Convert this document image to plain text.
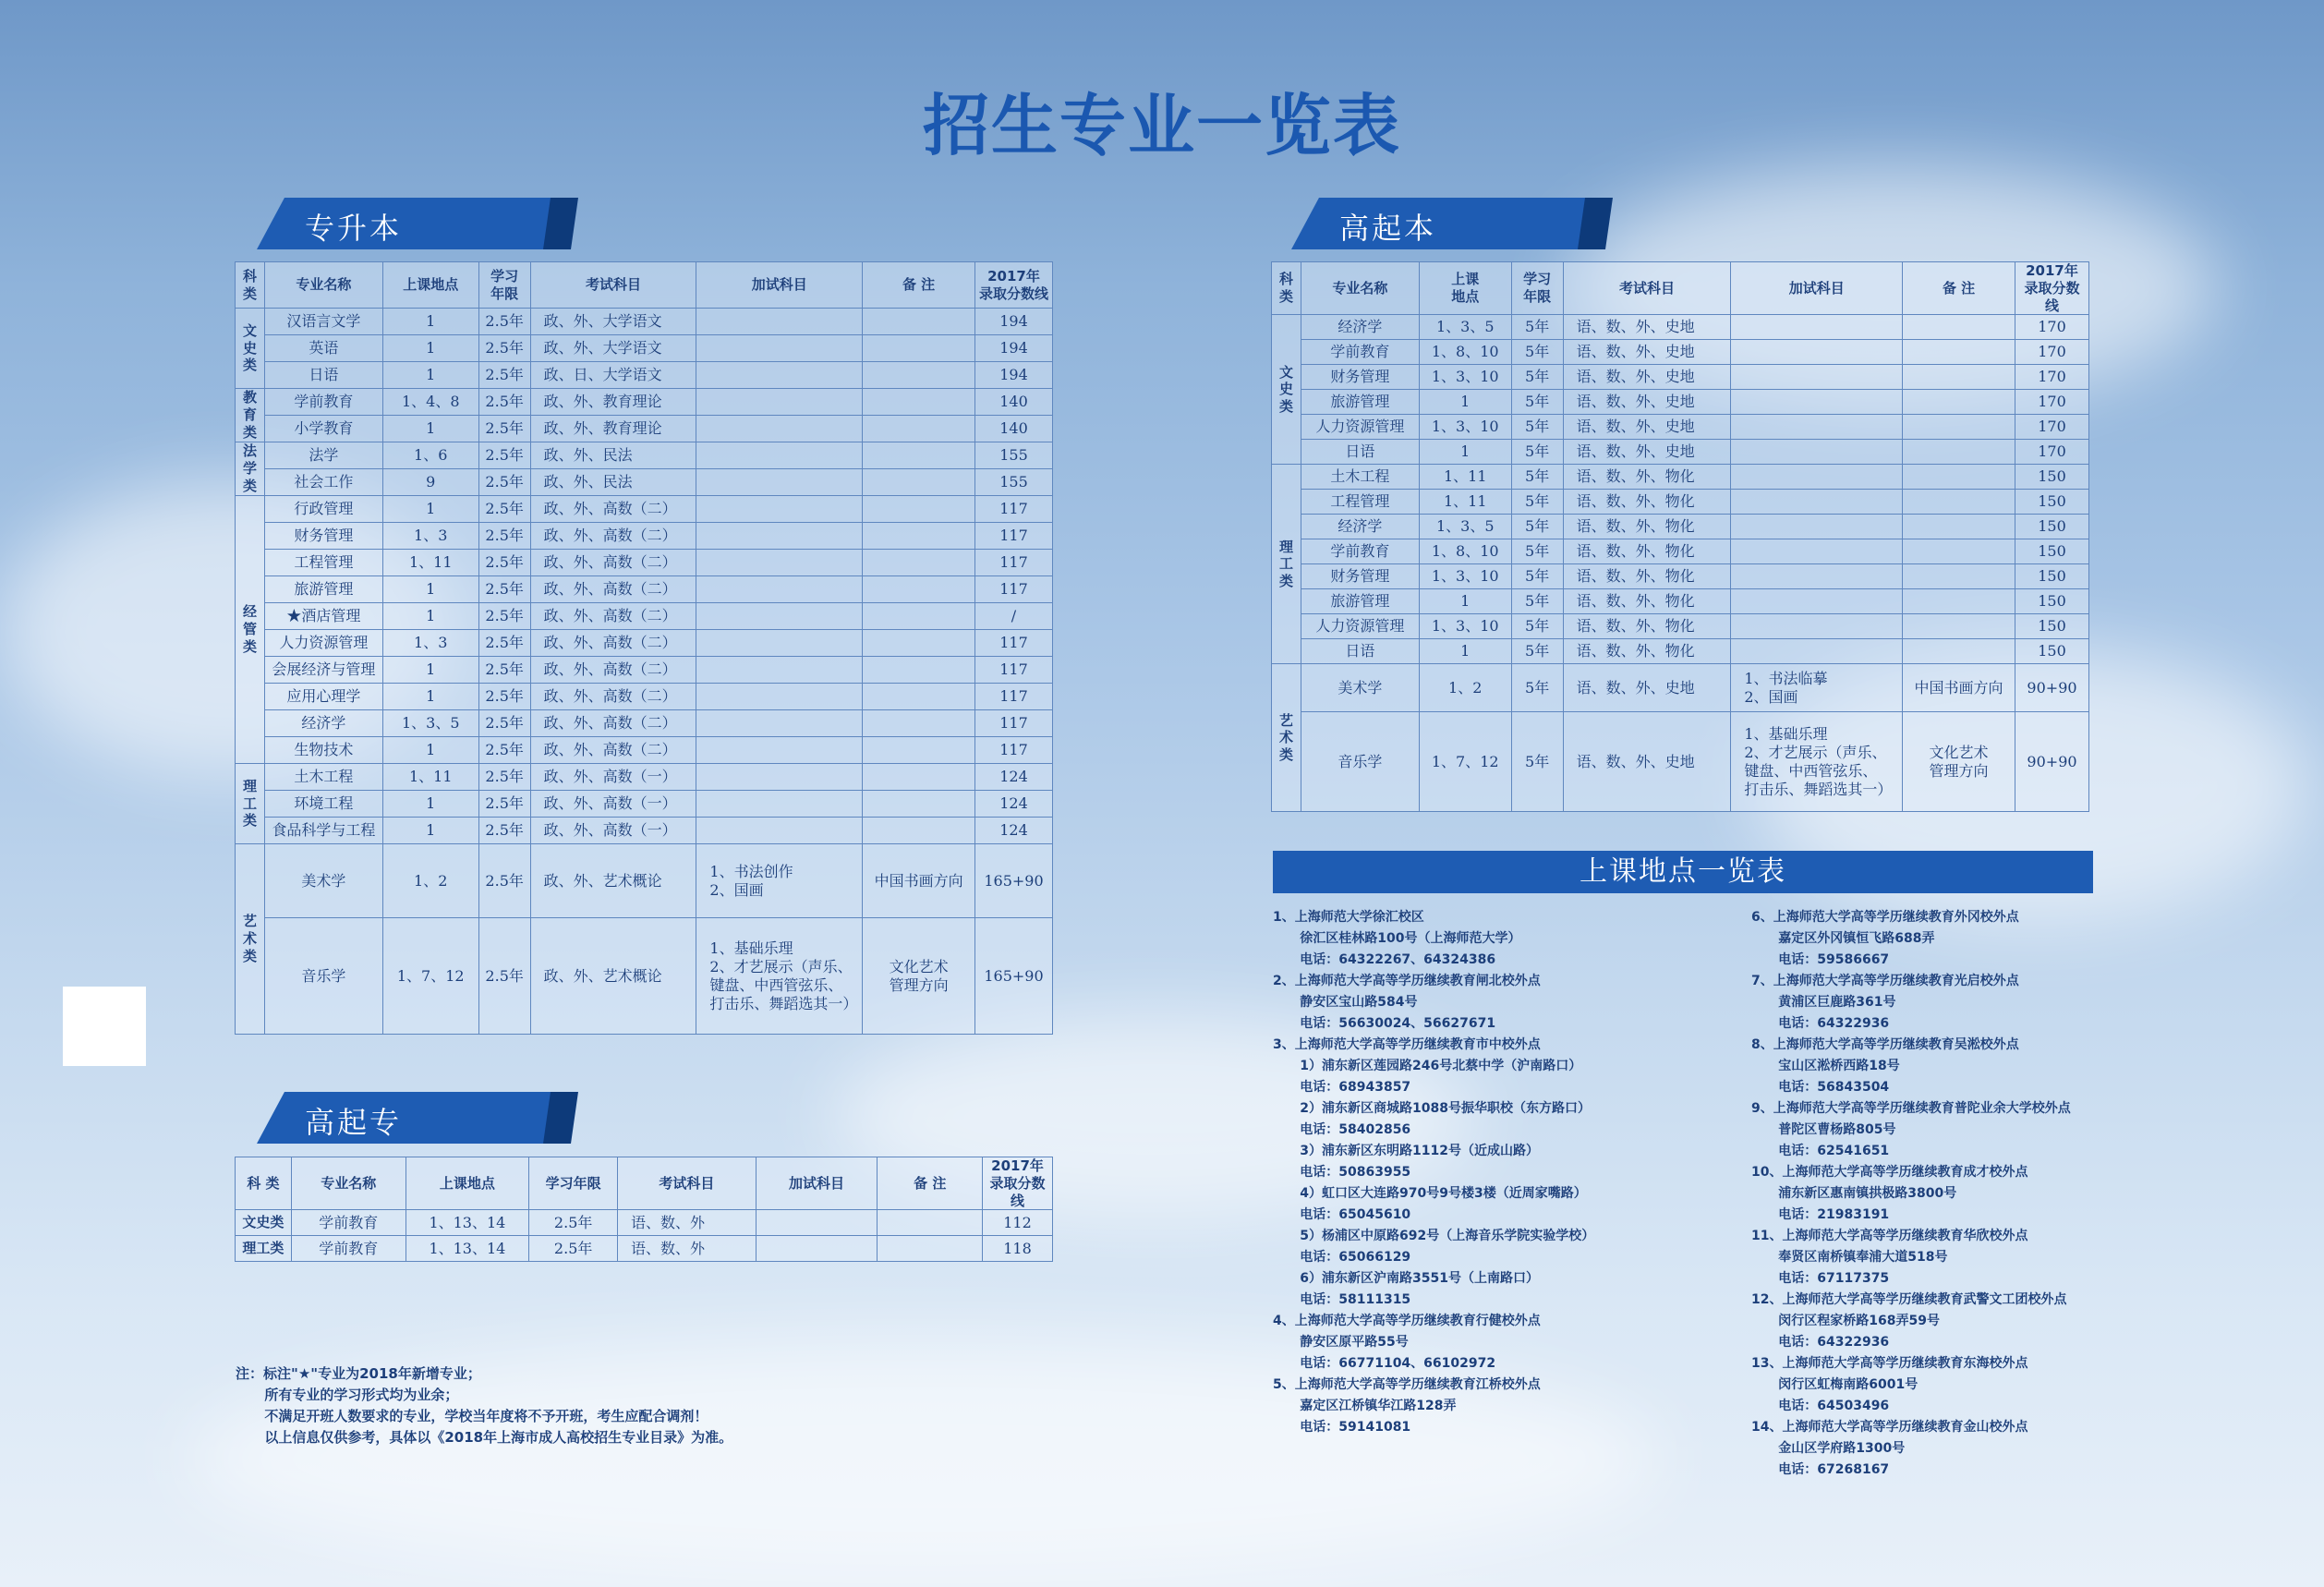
招生专业一览表
专升本
科 类	专业名称	上课地点	学习
年限	考试科目	加试科目	备 注	2017年
录取分数线
文
史
类	汉语言文学	1	2.5年	政、外、大学语文			194
	英语	1	2.5年	政、外、大学语文			194
	日语	1	2.5年	政、日、大学语文			194
教
育
类	学前教育	1、4、8	2.5年	政、外、教育理论			140
	小学教育	1	2.5年	政、外、教育理论			140
法
学
类	法学	1、6	2.5年	政、外、民法			155
	社会工作	9	2.5年	政、外、民法			155
经
管
类	行政管理	1	2.5年	政、外、高数（二）			117
	财务管理	1、3	2.5年	政、外、高数（二）			117
	工程管理	1、11	2.5年	政、外、高数（二）			117
	旅游管理	1	2.5年	政、外、高数（二）			117
	★酒店管理	1	2.5年	政、外、高数（二）			/
	人力资源管理	1、3	2.5年	政、外、高数（二）			117
	会展经济与管理	1	2.5年	政、外、高数（二）			117
	应用心理学	1	2.5年	政、外、高数（二）			117
	经济学	1、3、5	2.5年	政、外、高数（二）			117
	生物技术	1	2.5年	政、外、高数（二）			117
理
工
类	土木工程	1、11	2.5年	政、外、高数（一）			124
	环境工程	1	2.5年	政、外、高数（一）			124
	食品科学与工程	1	2.5年	政、外、高数（一）			124
艺
术
类	美术学	1、2	2.5年	政、外、艺术概论	1、书法创作
2、国画	中国书画方向	165+90
	音乐学	1、7、12	2.5年	政、外、艺术概论	1、基础乐理
2、才艺展示（声乐、
键盘、中西管弦乐、
打击乐、舞蹈选其一）	文化艺术
管理方向	165+90
高起专
科 类	专业名称	上课地点	学习年限	考试科目	加试科目	备 注	2017年
录取分数线
文史类	学前教育	1、13、14	2.5年	语、数、外			112
理工类	学前教育	1、13、14	2.5年	语、数、外			118
高起本
科
类	专业名称	上课
地点	学习
年限	考试科目	加试科目	备 注	2017年
录取分数线
文
史
类	经济学	1、3、5	5年	语、数、外、史地			170
	学前教育	1、8、10	5年	语、数、外、史地			170
	财务管理	1、3、10	5年	语、数、外、史地			170
	旅游管理	1	5年	语、数、外、史地			170
	人力资源管理	1、3、10	5年	语、数、外、史地			170
	日语	1	5年	语、数、外、史地			170
理
工
类	土木工程	1、11	5年	语、数、外、物化			150
	工程管理	1、11	5年	语、数、外、物化			150
	经济学	1、3、5	5年	语、数、外、物化			150
	学前教育	1、8、10	5年	语、数、外、物化			150
	财务管理	1、3、10	5年	语、数、外、物化			150
	旅游管理	1	5年	语、数、外、物化			150
	人力资源管理	1、3、10	5年	语、数、外、物化			150
	日语	1	5年	语、数、外、物化			150
艺
术
类	美术学	1、2	5年	语、数、外、史地	1、书法临摹
2、国画	中国书画方向	90+90
	音乐学	1、7、12	5年	语、数、外、史地	1、基础乐理
2、才艺展示（声乐、
键盘、中西管弦乐、
打击乐、舞蹈选其一）	文化艺术
管理方向	90+90
上课地点一览表
1、上海师范大学徐汇校区
徐汇区桂林路100号（上海师范大学）
电话：64322267、64324386
2、上海师范大学高等学历继续教育闸北校外点
静安区宝山路584号
电话：56630024、56627671
3、上海师范大学高等学历继续教育市中校外点
1）浦东新区莲园路246号北蔡中学（沪南路口）
电话：68943857
2）浦东新区商城路1088号振华职校（东方路口）
电话：58402856
3）浦东新区东明路1112号（近成山路）
电话：50863955
4）虹口区大连路970号9号楼3楼（近周家嘴路）
电话：65045610
5）杨浦区中原路692号（上海音乐学院实验学校）
电话：65066129
6）浦东新区沪南路3551号（上南路口）
电话：58111315
4、上海师范大学高等学历继续教育行健校外点
静安区原平路55号
电话：66771104、66102972
5、上海师范大学高等学历继续教育江桥校外点
嘉定区江桥镇华江路128弄
电话：59141081
6、上海师范大学高等学历继续教育外冈校外点
嘉定区外冈镇恒飞路688弄
电话：59586667
7、上海师范大学高等学历继续教育光启校外点
黄浦区巨鹿路361号
电话：64322936
8、上海师范大学高等学历继续教育吴淞校外点
宝山区淞桥西路18号
电话：56843504
9、上海师范大学高等学历继续教育普陀业余大学校外点
普陀区曹杨路805号
电话：62541651
10、上海师范大学高等学历继续教育成才校外点
浦东新区惠南镇拱极路3800号
电话：21983191
11、上海师范大学高等学历继续教育华欣校外点
奉贤区南桥镇奉浦大道518号
电话：67117375
12、上海师范大学高等学历继续教育武警文工团校外点
闵行区程家桥路168弄59号
电话：64322936
13、上海师范大学高等学历继续教育东海校外点
闵行区虹梅南路6001号
电话：64503496
14、上海师范大学高等学历继续教育金山校外点
金山区学府路1300号
电话：67268167
注：标注"★"专业为2018年新增专业；
所有专业的学习形式均为业余；
不满足开班人数要求的专业，学校当年度将不予开班，考生应配合调剂！
以上信息仅供参考，具体以《2018年上海市成人高校招生专业目录》为准。
